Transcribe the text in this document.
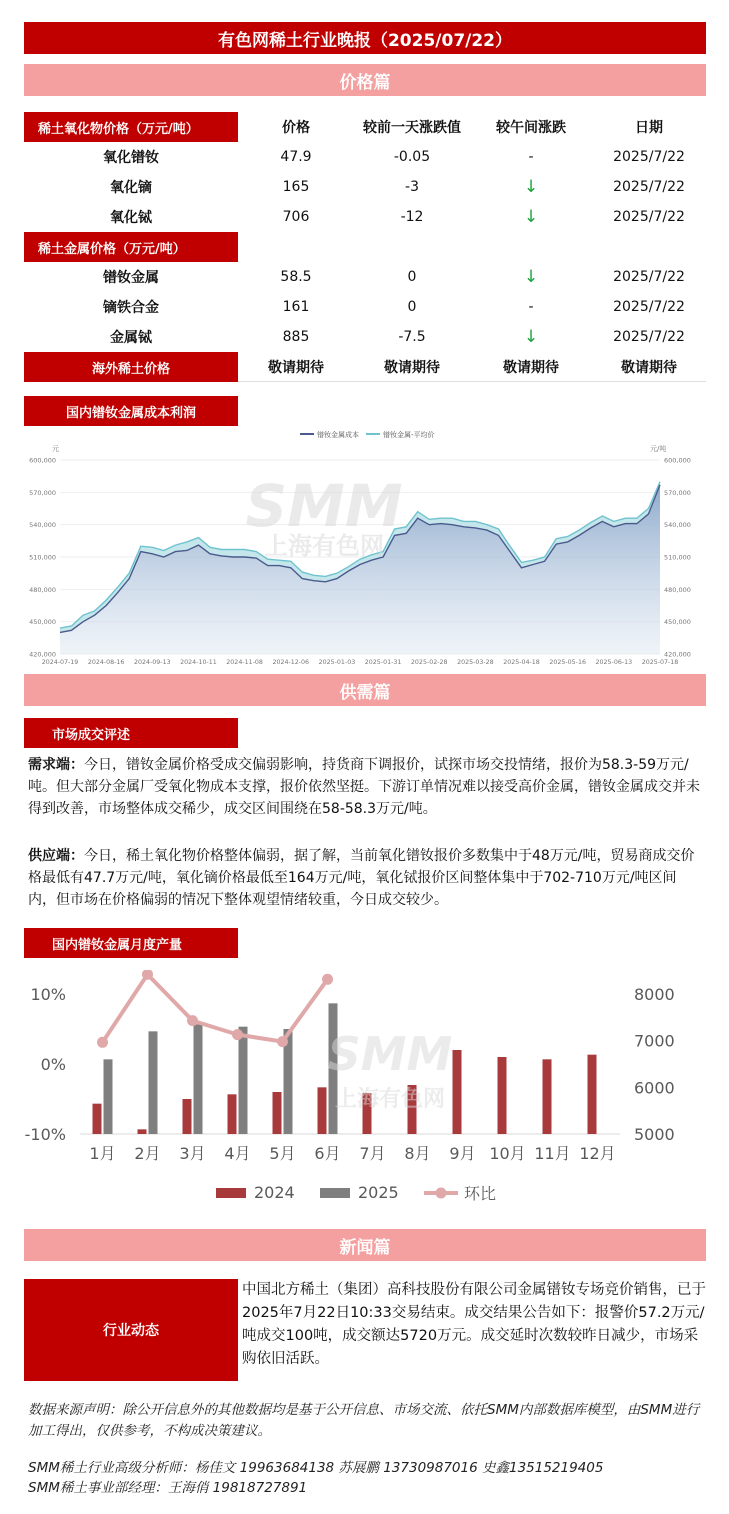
有色网稀土行业晚报（2025/07/22）
价格篇
稀土氧化物价格（万元/吨）	价格	较前一天涨跌值	较午间涨跌	日期
氧化镨钕	47.9	-0.05	-	2025/7/22
氧化镝	165	-3	↓	2025/7/22
氧化铽	706	-12	↓	2025/7/22
稀土金属价格（万元/吨）
镨钕金属	58.5	0	↓	2025/7/22
镝铁合金	161	0	-	2025/7/22
金属铽	885	-7.5	↓	2025/7/22
海外稀土价格	敬请期待	敬请期待	敬请期待	敬请期待
国内镨钕金属成本利润
镨钕金属成本	镨钕金属-平均价
元	元/吨
420,000	420,000
450,000	450,000
480,000	480,000
510,000	510,000
540,000	540,000
570,000	570,000
600,000	600,000
2024-07-19 2024-08-16 2024-09-13 2024-10-11 2024-11-08 2024-12-06 2025-01-03 2025-01-31 2025-02-28 2025-03-28 2025-04-18 2025-05-16 2025-06-13 2025-07-18
SMM
上海有色网
供需篇
市场成交评述
需求端：今日，镨钕金属价格受成交偏弱影响，持货商下调报价，试探市场交投情绪，报价为58.3-59万元/吨。但大部分金属厂受氧化物成本支撑，报价依然坚挺。下游订单情况难以接受高价金属，镨钕金属成交并未得到改善，市场整体成交稀少，成交区间围绕在58-58.3万元/吨。
供应端：今日，稀土氧化物价格整体偏弱，据了解，当前氧化镨钕报价多数集中于48万元/吨，贸易商成交价格最低有47.7万元/吨，氧化镝价格最低至164万元/吨，氧化铽报价区间整体集中于702-710万元/吨区间内，但市场在价格偏弱的情况下整体观望情绪较重，今日成交较少。
国内镨钕金属月度产量
10%
0%
-10%
8000
7000
6000
5000
1月 2月 3月 4月 5月 6月 7月 8月 9月 10月 11月 12月
SMM
上海有色网
2024	2025	环比
新闻篇
行业动态
中国北方稀土（集团）高科技股份有限公司金属镨钕专场竞价销售，已于2025年7月22日10:33交易结束。成交结果公告如下：报警价57.2万元/吨成交100吨，成交额达5720万元。成交延时次数较昨日减少，市场采购依旧活跃。
数据来源声明：除公开信息外的其他数据均是基于公开信息、市场交流、依托SMM内部数据库模型，由SMM进行加工得出，仅供参考，不构成决策建议。
SMM稀土行业高级分析师：杨佳文 19963684138 苏展鹏 13730987016 史鑫13515219405
SMM稀土事业部经理：王海俏 19818727891
